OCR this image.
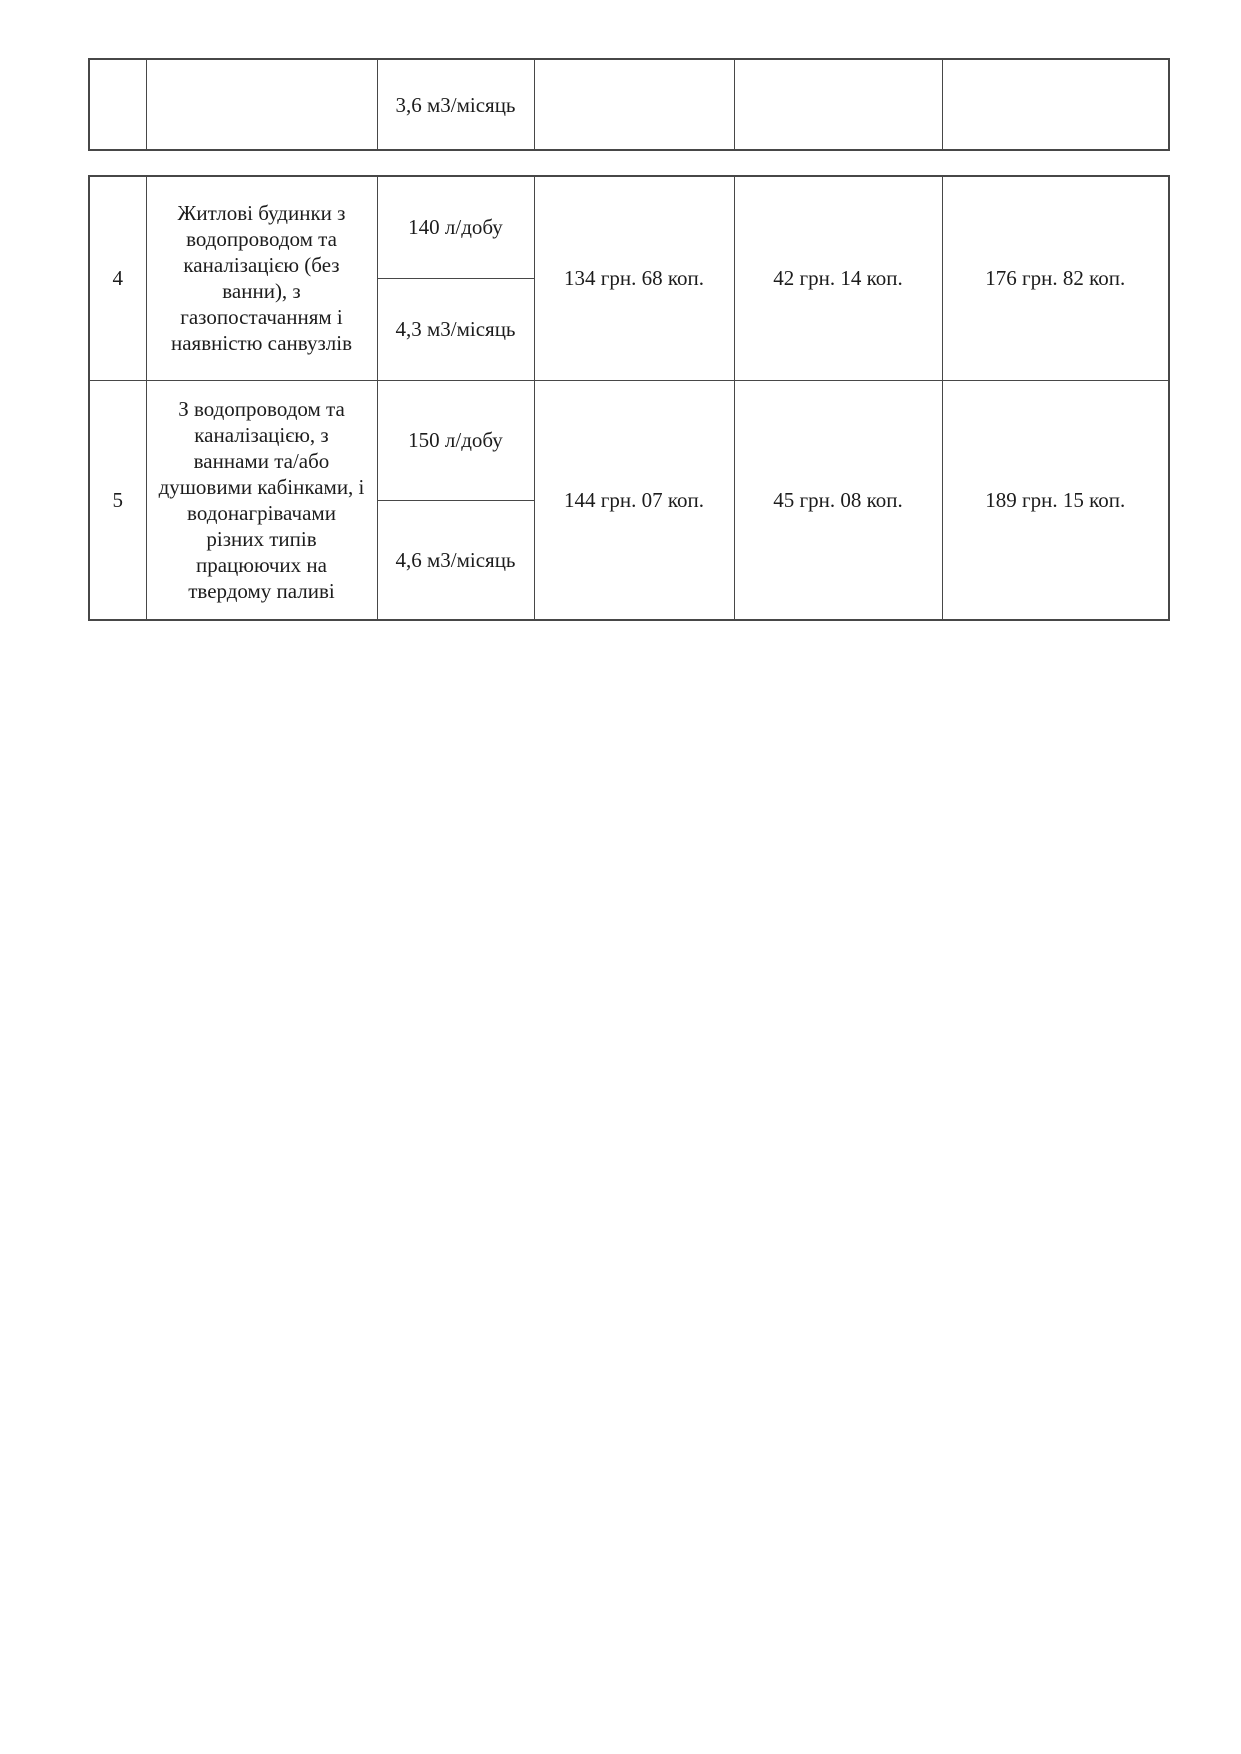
		3,6 м3/місяць			
4	Житлові будинки з водопроводом та каналізацією (без ванни), з газопостачанням і наявністю санвузлів	140 л/добу	134 грн. 68 коп.	42 грн. 14 коп.	176 грн. 82 коп.
		4,3 м3/місяць			
5	З водопроводом та каналізацією, з ваннами та/або душовими кабінками, і водонагрівачами різних типів працюючих на твердому паливі	150 л/добу	144 грн. 07 коп.	45 грн. 08 коп.	189 грн. 15 коп.
		4,6 м3/місяць			
